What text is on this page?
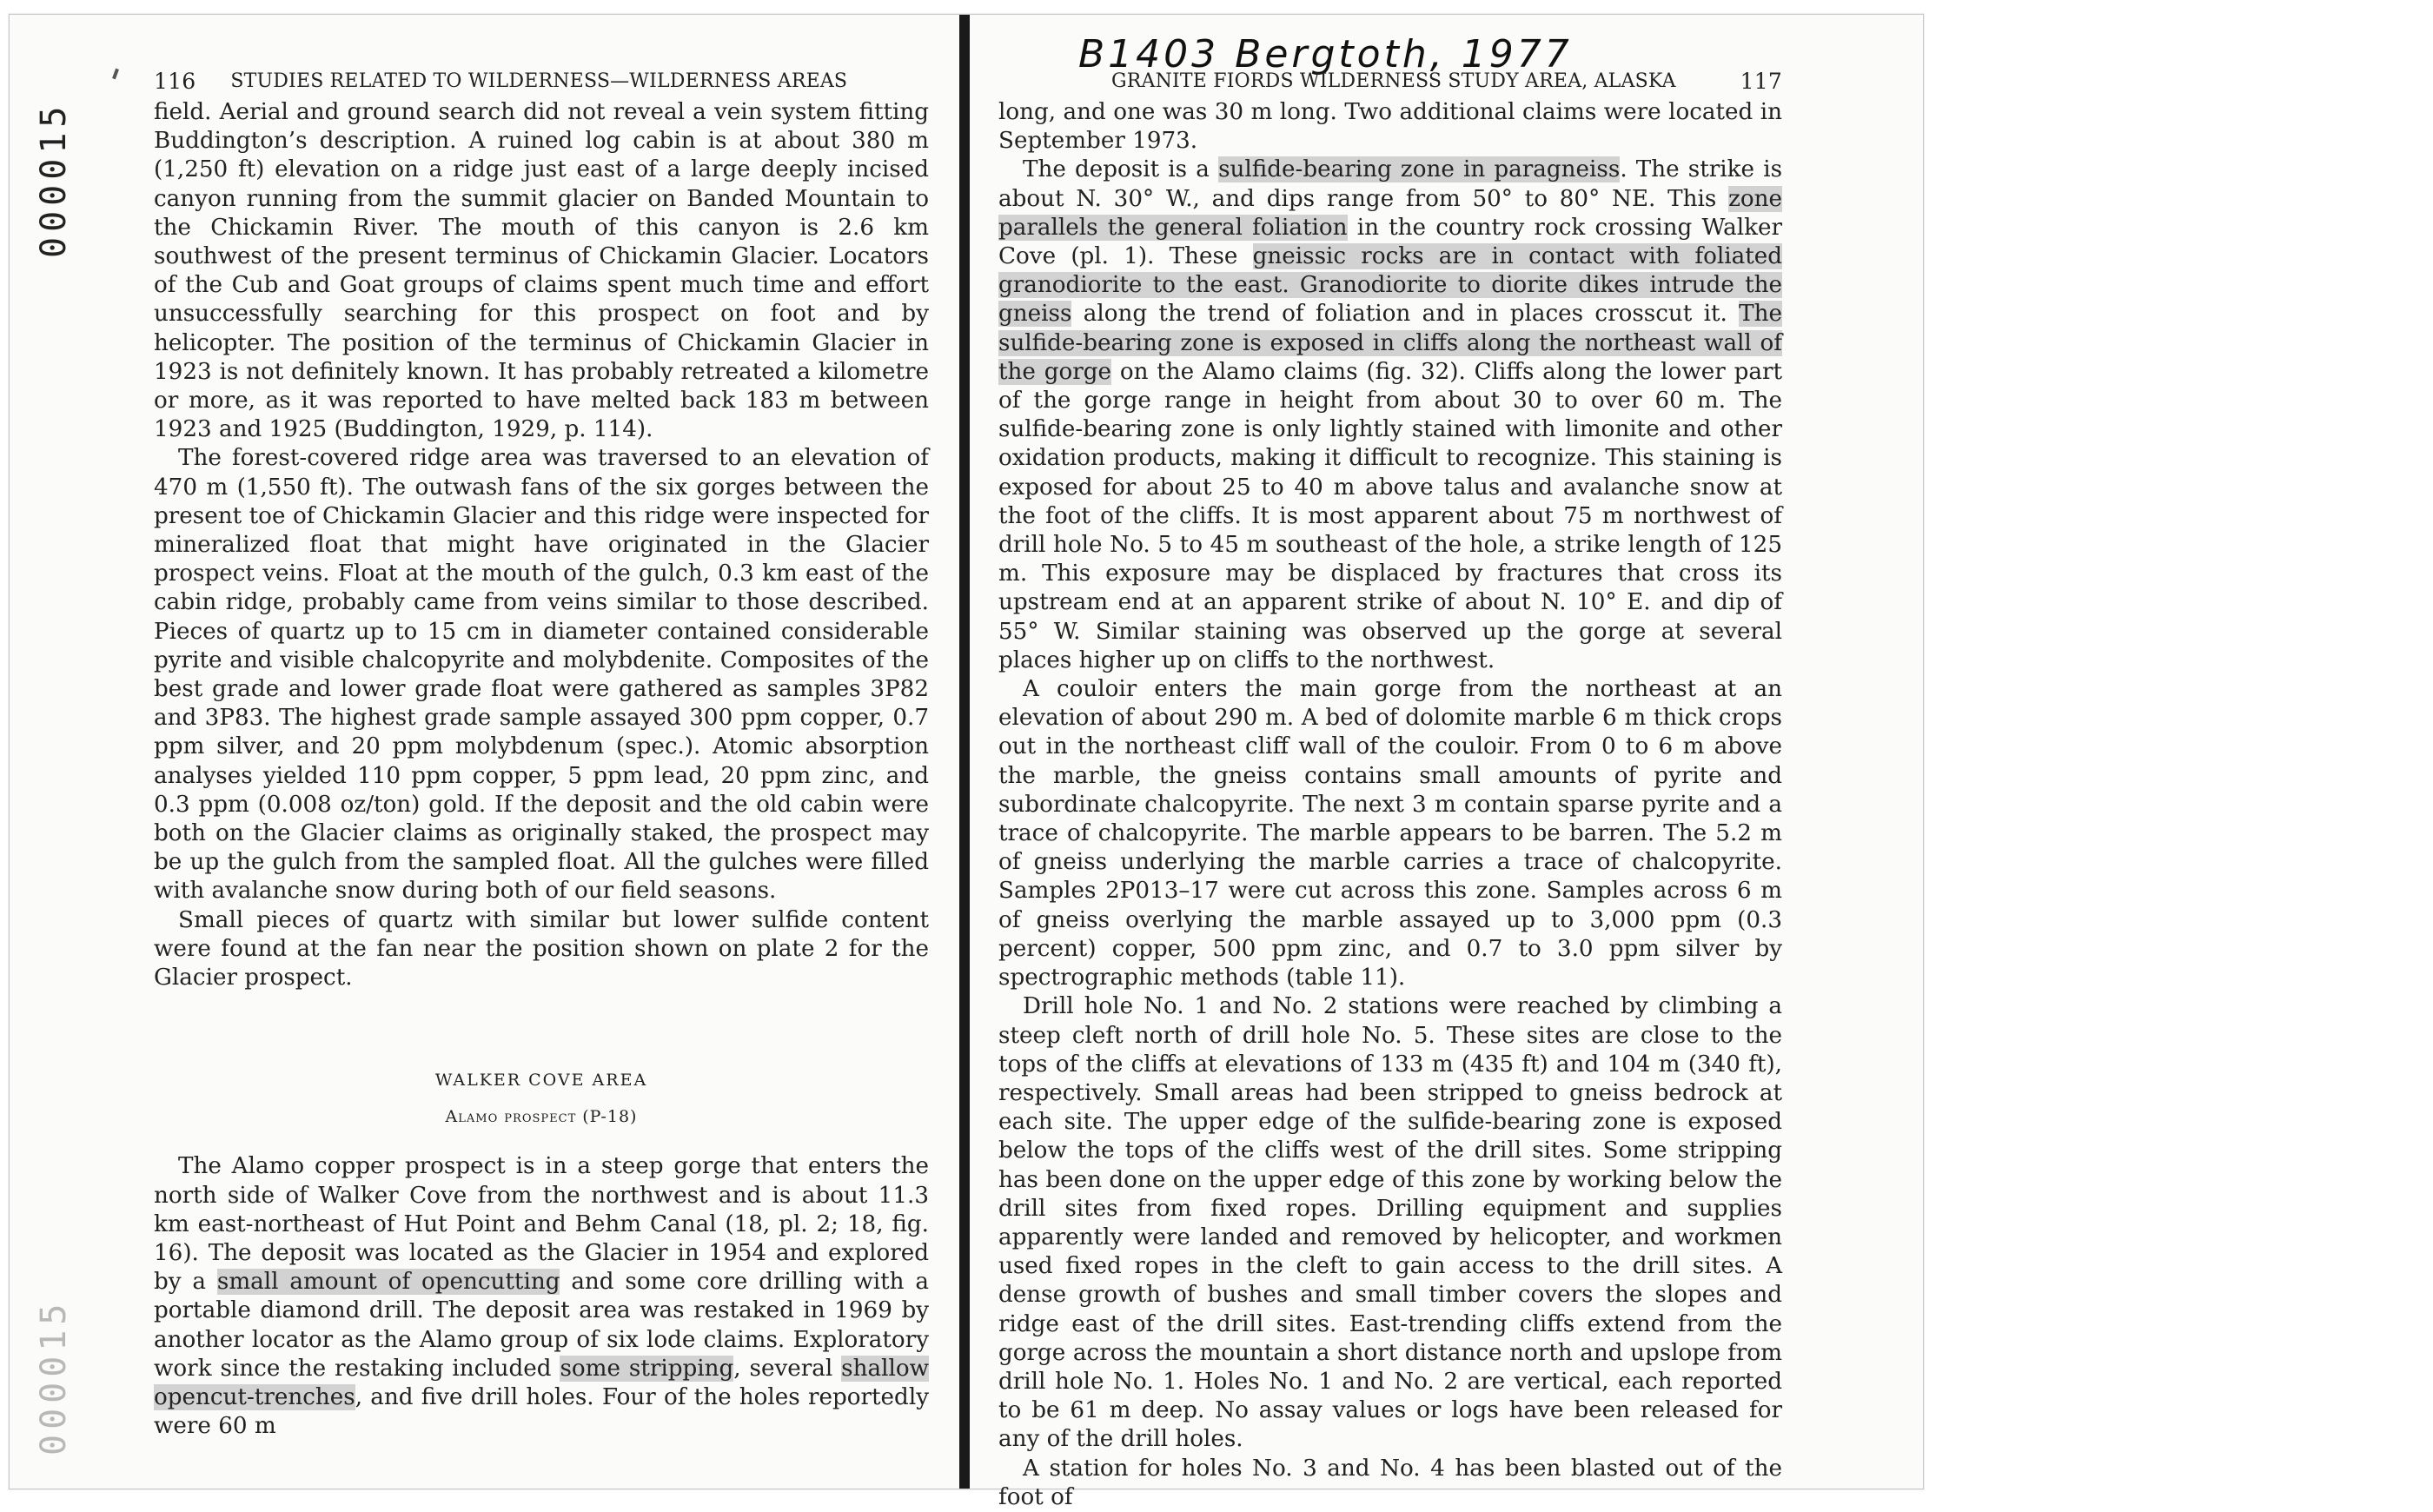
000015
000015
B1403 Bergtoth, 1977
116 STUDIES RELATED TO WILDERNESS—WILDERNESS AREAS

field. Aerial and ground search did not reveal a vein system fitting Buddington’s description. A ruined log cabin is at about 380 m (1,250 ft) elevation on a ridge just east of a large deeply incised canyon running from the summit glacier on Banded Mountain to the Chickamin River. The mouth of this canyon is 2.6 km southwest of the present terminus of Chickamin Glacier. Locators of the Cub and Goat groups of claims spent much time and effort unsuccessfully searching for this prospect on foot and by helicopter. The position of the terminus of Chickamin Glacier in 1923 is not definitely known. It has probably retreated a kilometre or more, as it was reported to have melted back 183 m between 1923 and 1925 (Buddington, 1929, p. 114).

The forest-covered ridge area was traversed to an elevation of 470 m (1,550 ft). The outwash fans of the six gorges between the present toe of Chickamin Glacier and this ridge were inspected for mineralized float that might have originated in the Glacier prospect veins. Float at the mouth of the gulch, 0.3 km east of the cabin ridge, probably came from veins similar to those described. Pieces of quartz up to 15 cm in diameter contained considerable pyrite and visible chalcopyrite and molybdenite. Composites of the best grade and lower grade float were gathered as samples 3P82 and 3P83. The highest grade sample assayed 300 ppm copper, 0.7 ppm silver, and 20 ppm molybdenum (spec.). Atomic absorption analyses yielded 110 ppm copper, 5 ppm lead, 20 ppm zinc, and 0.3 ppm (0.008 oz/ton) gold. If the deposit and the old cabin were both on the Glacier claims as originally staked, the prospect may be up the gulch from the sampled float. All the gulches were filled with avalanche snow during both of our field seasons.

Small pieces of quartz with similar but lower sulfide content were found at the fan near the position shown on plate 2 for the Glacier prospect.

WALKER COVE AREA
Alamo prospect (P-18)

The Alamo copper prospect is in a steep gorge that enters the north side of Walker Cove from the northwest and is about 11.3 km east-northeast of Hut Point and Behm Canal (18, pl. 2; 18, fig. 16). The deposit was located as the Glacier in 1954 and explored by a small amount of opencutting and some core drilling with a portable diamond drill. The deposit area was restaked in 1969 by another locator as the Alamo group of six lode claims. Exploratory work since the restaking included some stripping, several shallow opencut-trenches, and five drill holes. Four of the holes reportedly were 60 m

GRANITE FIORDS WILDERNESS STUDY AREA, ALASKA	117

long, and one was 30 m long. Two additional claims were located in September 1973.

The deposit is a sulfide-bearing zone in paragneiss. The strike is about N. 30° W., and dips range from 50° to 80° NE. This zone parallels the general foliation in the country rock crossing Walker Cove (pl. 1). These gneissic rocks are in contact with foliated granodiorite to the east. Granodiorite to diorite dikes intrude the gneiss along the trend of foliation and in places crosscut it. The sulfide-bearing zone is exposed in cliffs along the northeast wall of the gorge on the Alamo claims (fig. 32). Cliffs along the lower part of the gorge range in height from about 30 to over 60 m. The sulfide-bearing zone is only lightly stained with limonite and other oxidation products, making it difficult to recognize. This staining is exposed for about 25 to 40 m above talus and avalanche snow at the foot of the cliffs. It is most apparent about 75 m northwest of drill hole No. 5 to 45 m southeast of the hole, a strike length of 125 m. This exposure may be displaced by fractures that cross its upstream end at an apparent strike of about N. 10° E. and dip of 55° W. Similar staining was observed up the gorge at several places higher up on cliffs to the northwest.

A couloir enters the main gorge from the northeast at an elevation of about 290 m. A bed of dolomite marble 6 m thick crops out in the northeast cliff wall of the couloir. From 0 to 6 m above the marble, the gneiss contains small amounts of pyrite and subordinate chalcopyrite. The next 3 m contain sparse pyrite and a trace of chalcopyrite. The marble appears to be barren. The 5.2 m of gneiss underlying the marble carries a trace of chalcopyrite. Samples 2P013–17 were cut across this zone. Samples across 6 m of gneiss overlying the marble assayed up to 3,000 ppm (0.3 percent) copper, 500 ppm zinc, and 0.7 to 3.0 ppm silver by spectrographic methods (table 11).

Drill hole No. 1 and No. 2 stations were reached by climbing a steep cleft north of drill hole No. 5. These sites are close to the tops of the cliffs at elevations of 133 m (435 ft) and 104 m (340 ft), respectively. Small areas had been stripped to gneiss bedrock at each site. The upper edge of the sulfide-bearing zone is exposed below the tops of the cliffs west of the drill sites. Some stripping has been done on the upper edge of this zone by working below the drill sites from fixed ropes. Drilling equipment and supplies apparently were landed and removed by helicopter, and workmen used fixed ropes in the cleft to gain access to the drill sites. A dense growth of bushes and small timber covers the slopes and ridge east of the drill sites. East-trending cliffs extend from the gorge across the mountain a short distance north and upslope from drill hole No. 1. Holes No. 1 and No. 2 are vertical, each reported to be 61 m deep. No assay values or logs have been released for any of the drill holes.

A station for holes No. 3 and No. 4 has been blasted out of the foot of
